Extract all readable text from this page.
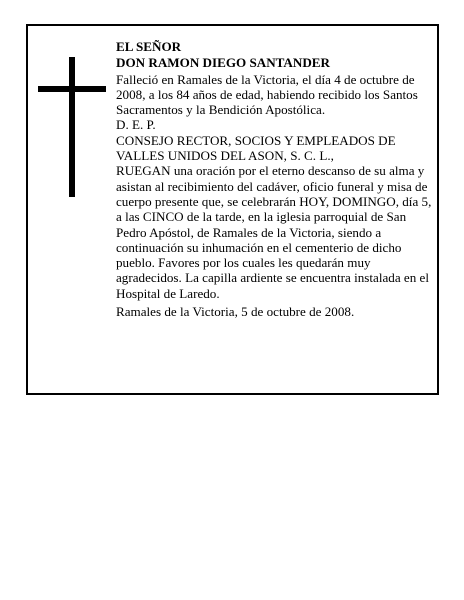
EL SEÑOR

DON RAMON DIEGO SANTANDER

Falleció en Ramales de la Victoria, el día 4 de octubre de 2008, a los 84 años de edad, habiendo recibido los Santos Sacramentos y la Bendición Apostólica.

D. E. P.

CONSEJO RECTOR, SOCIOS Y EMPLEADOS DE VALLES UNIDOS DEL ASON, S. C. L.,

RUEGAN una oración por el eterno descanso de su alma y asistan al recibimiento del cadáver, oficio funeral y misa de cuerpo presente que, se celebrarán HOY, DOMINGO, día 5, a las CINCO de la tarde, en la iglesia parroquial de San Pedro Apóstol, de Ramales de la Victoria, siendo a continuación su inhumación en el cementerio de dicho pueblo. Favores por los cuales les quedarán muy agradecidos. La capilla ardiente se encuentra instalada en el Hospital de Laredo.

Ramales de la Victoria, 5 de octubre de 2008.
